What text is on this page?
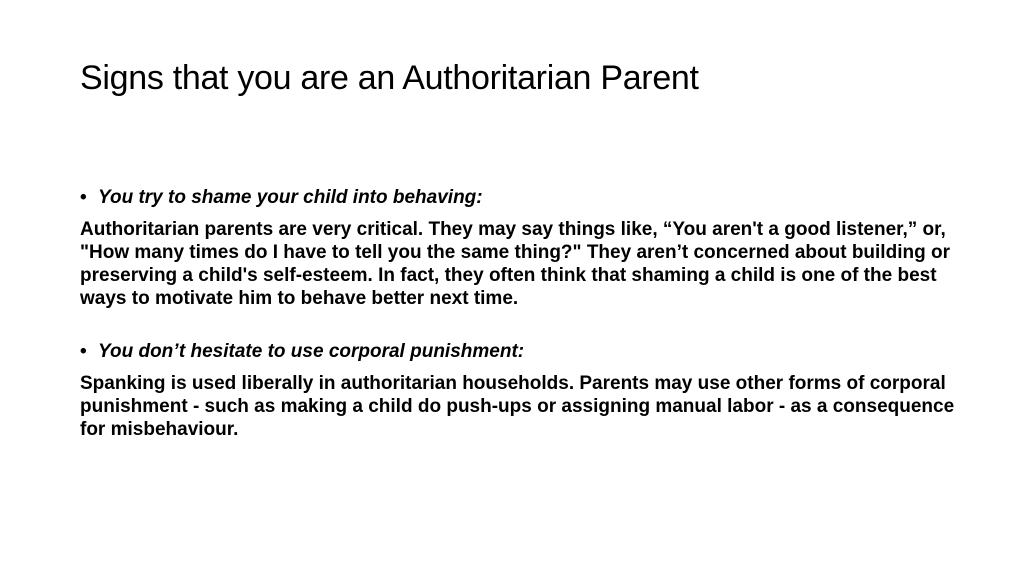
Signs that you are an Authoritarian Parent

• You try to shame your child into behaving:

Authoritarian parents are very critical. They may say things like, “You aren't a good listener,” or, "How many times do I have to tell you the same thing?" They aren’t concerned about building or preserving a child's self-esteem. In fact, they often think that shaming a child is one of the best ways to motivate him to behave better next time.

• You don’t hesitate to use corporal punishment:

Spanking is used liberally in authoritarian households. Parents may use other forms of corporal punishment - such as making a child do push-ups or assigning manual labor - as a consequence for misbehaviour.
